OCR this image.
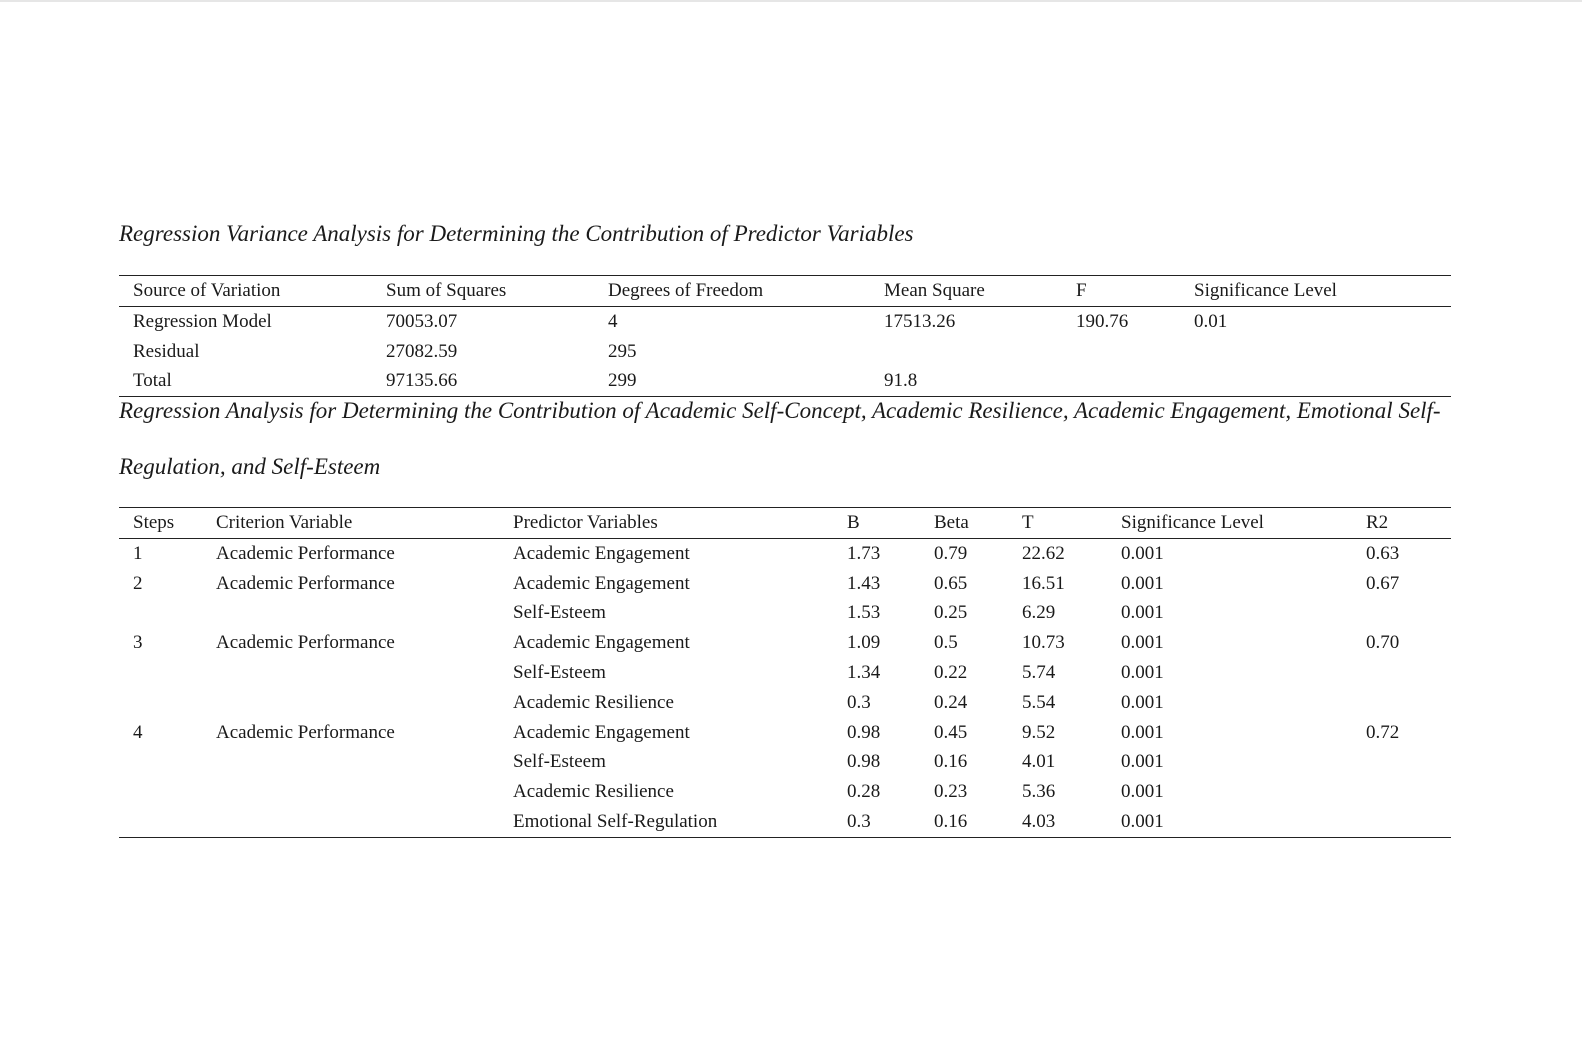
Regression Variance Analysis for Determining the Contribution of Predictor Variables
Source of Variation	Sum of Squares	Degrees of Freedom	Mean Square	F	Significance Level
Regression Model	70053.07	4	17513.26	190.76	0.01
Residual	27082.59	295			
Total	97135.66	299	91.8		
Regression Analysis for Determining the Contribution of Academic Self-Concept, Academic Resilience, Academic Engagement, Emotional Self-Regulation, and Self-Esteem
Steps	Criterion Variable	Predictor Variables	B	Beta	T	Significance Level	R2
1	Academic Performance	Academic Engagement	1.73	0.79	22.62	0.001	0.63
2	Academic Performance	Academic Engagement	1.43	0.65	16.51	0.001	0.67
		Self-Esteem	1.53	0.25	6.29	0.001	
3	Academic Performance	Academic Engagement	1.09	0.5	10.73	0.001	0.70
		Self-Esteem	1.34	0.22	5.74	0.001	
		Academic Resilience	0.3	0.24	5.54	0.001	
4	Academic Performance	Academic Engagement	0.98	0.45	9.52	0.001	0.72
		Self-Esteem	0.98	0.16	4.01	0.001	
		Academic Resilience	0.28	0.23	5.36	0.001	
		Emotional Self-Regulation	0.3	0.16	4.03	0.001	
